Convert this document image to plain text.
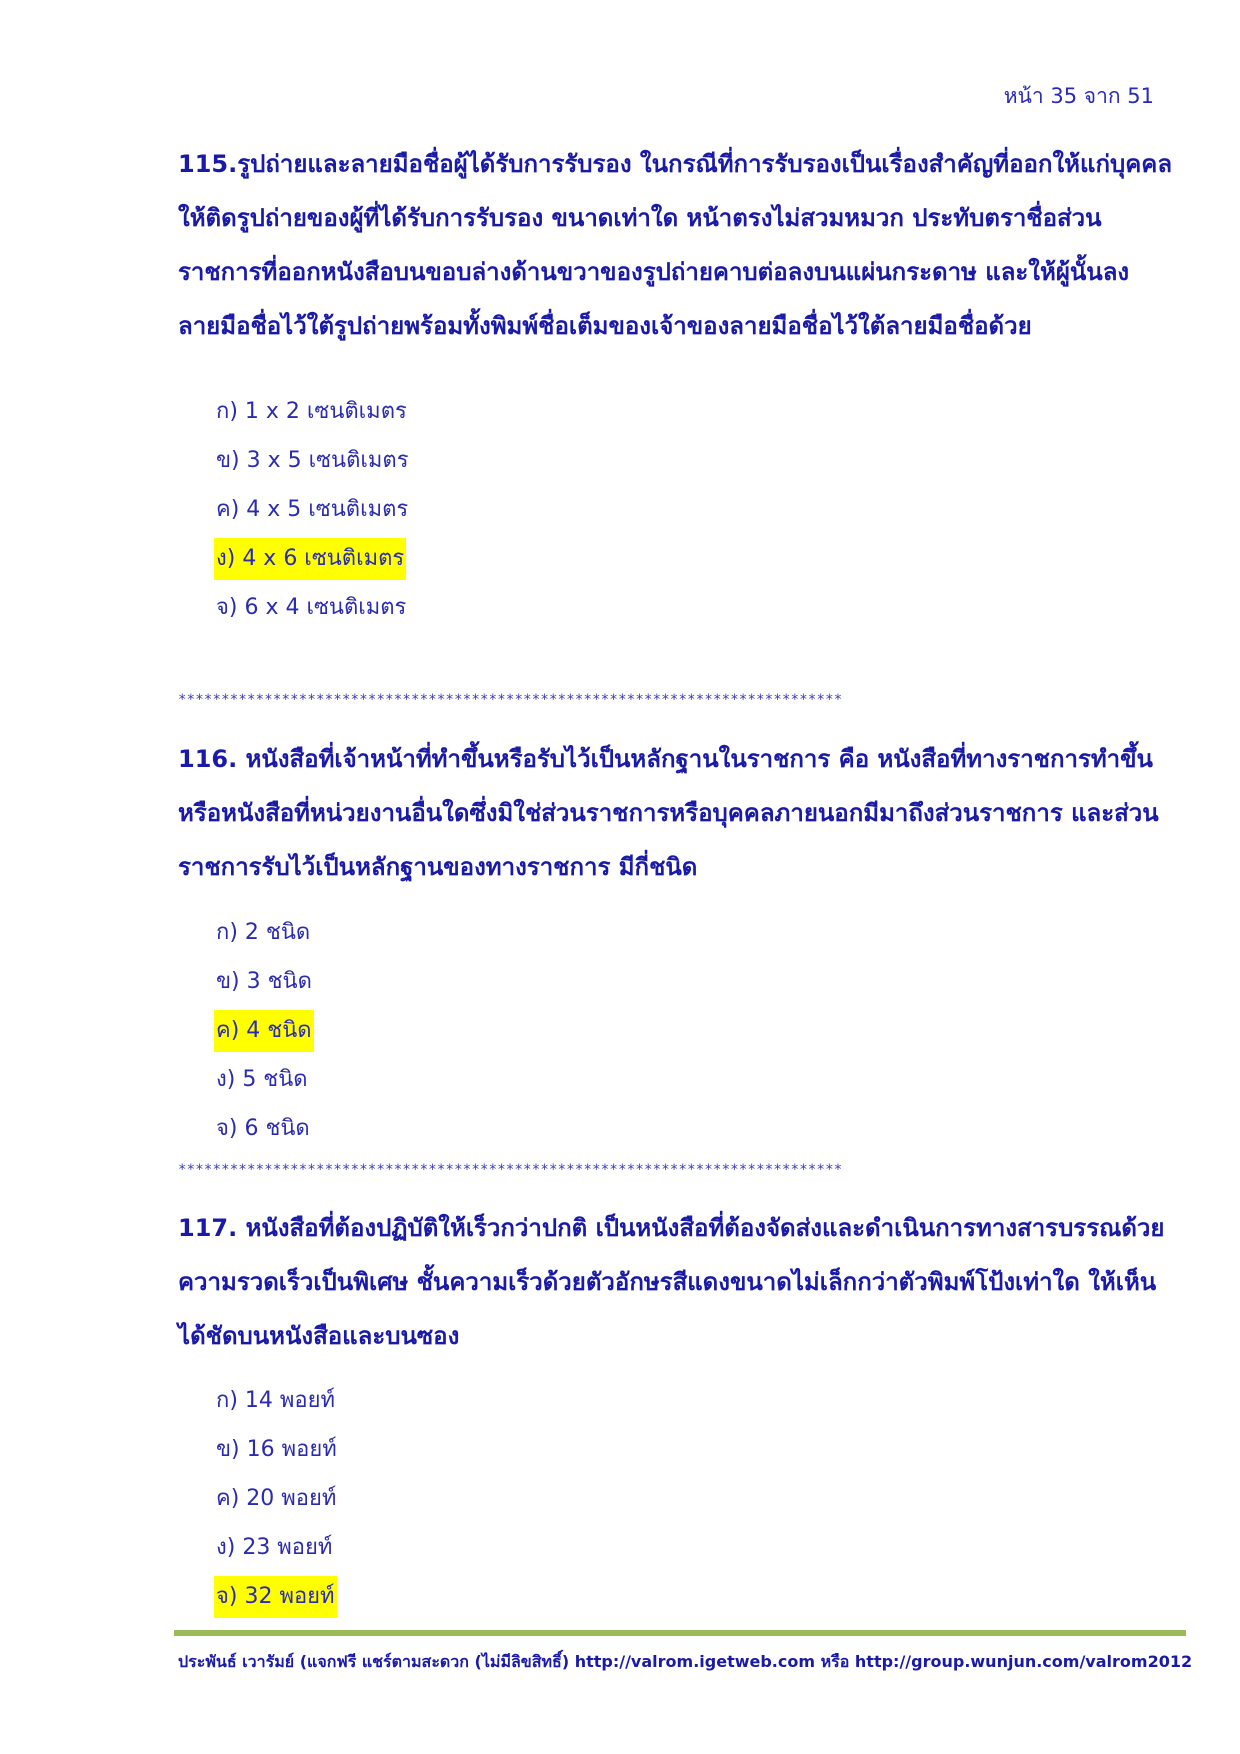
หน้า 35 จาก 51
115.รูปถ่ายและลายมือชื่อผู้ได้รับการรับรอง ในกรณีที่การรับรองเป็นเรื่องสำคัญที่ออกให้แก่บุคคลให้ติดรูปถ่ายของผู้ที่ได้รับการรับรอง ขนาดเท่าใด หน้าตรงไม่สวมหมวก ประทับตราชื่อส่วนราชการที่ออกหนังสือบนขอบล่างด้านขวาของรูปถ่ายคาบต่อลงบนแผ่นกระดาษ และให้ผู้นั้นลงลายมือชื่อไว้ใต้รูปถ่ายพร้อมทั้งพิมพ์ชื่อเต็มของเจ้าของลายมือชื่อไว้ใต้ลายมือชื่อด้วย
ก) 1 x 2 เซนติเมตร
ข) 3 x 5 เซนติเมตร
ค) 4 x 5 เซนติเมตร
ง) 4 x 6 เซนติเมตร
จ) 6 x 4 เซนติเมตร
*****************************************************************************
116. หนังสือที่เจ้าหน้าที่ทำขึ้นหรือรับไว้เป็นหลักฐานในราชการ คือ หนังสือที่ทางราชการทำขึ้น หรือหนังสือที่หน่วยงานอื่นใดซึ่งมิใช่ส่วนราชการหรือบุคคลภายนอกมีมาถึงส่วนราชการ และส่วนราชการรับไว้เป็นหลักฐานของทางราชการ มีกี่ชนิด
ก) 2 ชนิด
ข) 3 ชนิด
ค) 4 ชนิด
ง) 5 ชนิด
จ) 6 ชนิด
*****************************************************************************
117. หนังสือที่ต้องปฏิบัติให้เร็วกว่าปกติ เป็นหนังสือที่ต้องจัดส่งและดำเนินการทางสารบรรณด้วยความรวดเร็วเป็นพิเศษ ชั้นความเร็วด้วยตัวอักษรสีแดงขนาดไม่เล็กกว่าตัวพิมพ์โป้งเท่าใด ให้เห็นได้ชัดบนหนังสือและบนซอง
ก) 14 พอยท์
ข) 16 พอยท์
ค) 20 พอยท์
ง) 23 พอยท์
จ) 32 พอยท์
ประพันธ์ เวารัมย์ (แจกฟรี แชร์ตามสะดวก (ไม่มีลิขสิทธิ์) http://valrom.igetweb.com หรือ http://group.wunjun.com/valrom2012
